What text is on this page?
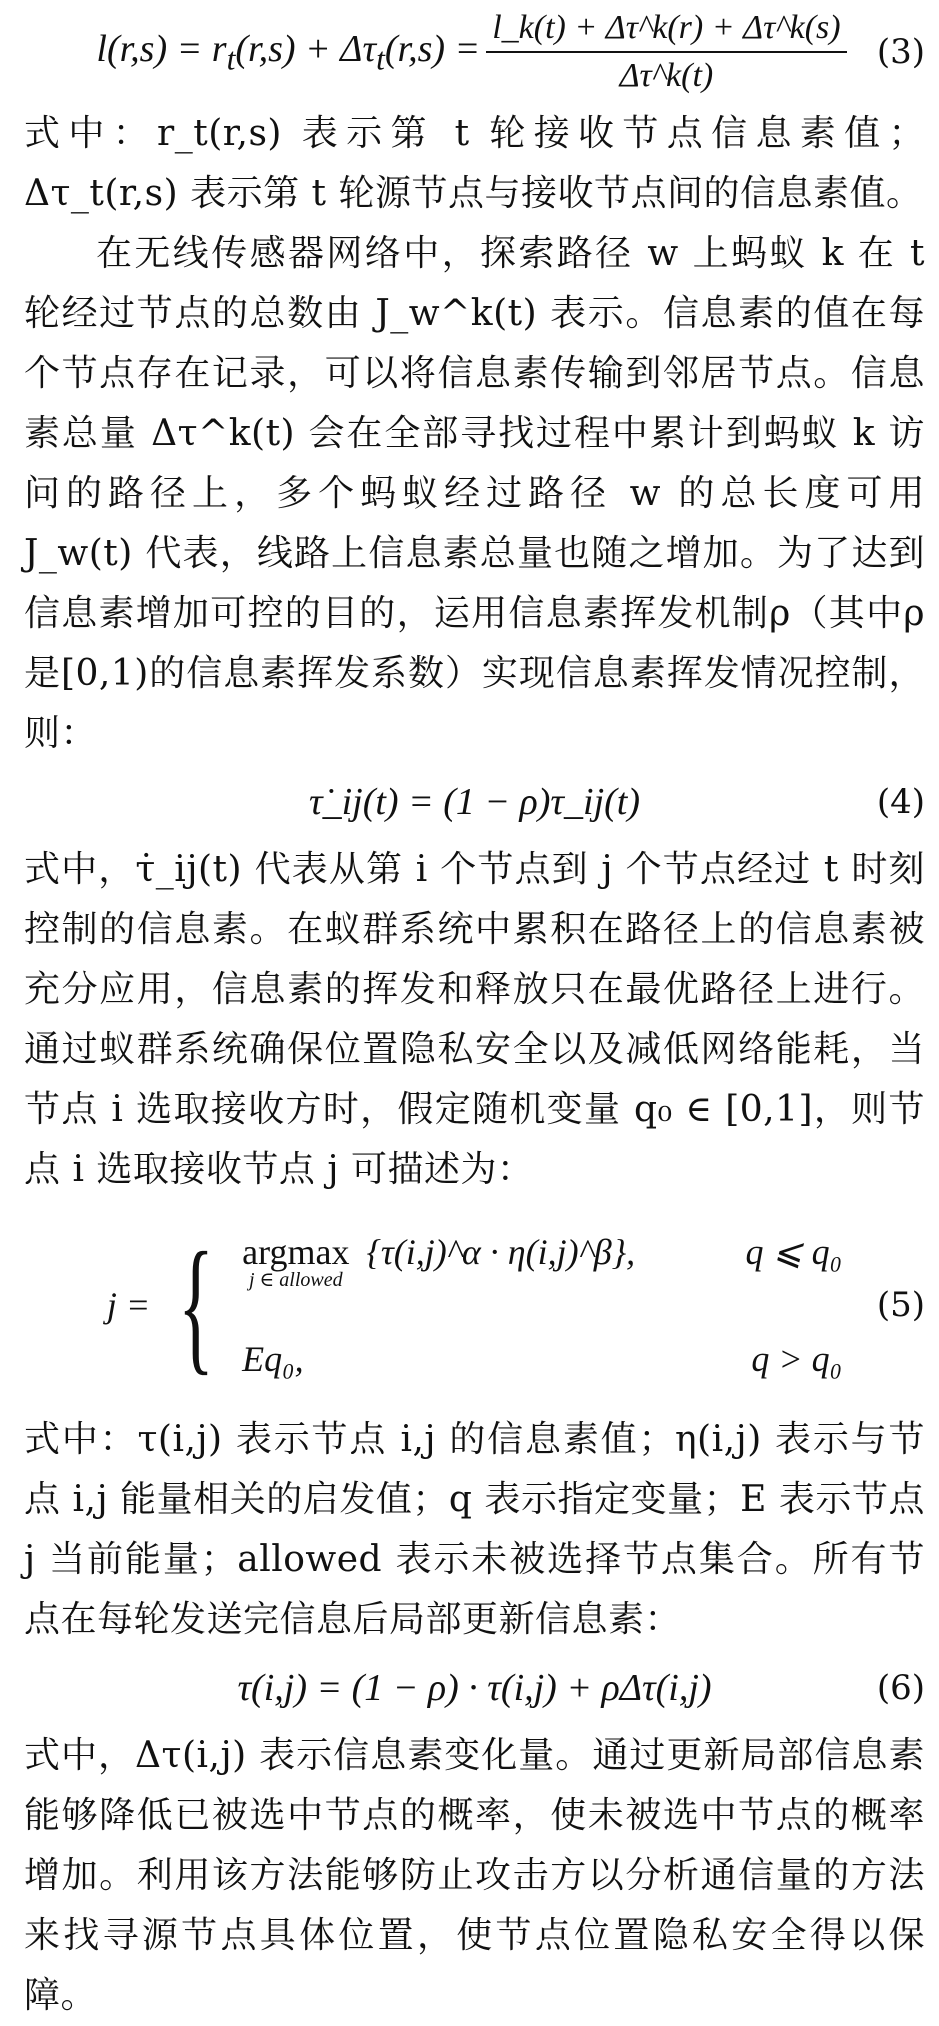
$l(r,s) = r_t(r,s) + \Delta\tau_t(r,s) = \frac{l\_k(t) + \Delta\tau\^{}k(r) + \Delta\tau\^{}k(s)}{\Delta\tau\^{}k(t)} (3)$

式中：r_t(r,s) 表示第 t 轮接收节点信息素值；Δτ_t(r,s) 表示第 t 轮源节点与接收节点间的信息素值。

在无线传感器网络中，探索路径 w 上蚂蚁 k 在 t 轮经过节点的总数由 J_w^k(t) 表示。信息素的值在每个节点存在记录，可以将信息素传输到邻居节点。信息素总量 Δτ^k(t) 会在全部寻找过程中累计到蚂蚁 k 访问的路径上，多个蚂蚁经过路径 w 的总长度可用 J_w(t) 代表，线路上信息素总量也随之增加。为了达到信息素增加可控的目的，运用信息素挥发机制ρ（其中ρ是[0,1)的信息素挥发系数）实现信息素挥发情况控制，则：

τ̇_ij(t) = (1 − ρ)τ_ij(t)	(4)

式中，τ̇_ij(t) 代表从第 i 个节点到 j 个节点经过 t 时刻控制的信息素。在蚁群系统中累积在路径上的信息素被充分应用，信息素的挥发和释放只在最优路径上进行。通过蚁群系统确保位置隐私安全以及减低网络能耗，当节点 i 选取接收方时，假定随机变量 q₀ ∈ [0,1]，则节点 i 选取接收节点 j 可描述为：

j = { argmax
j ∈ allowed
{τ(i,j)^α · η(i,j)^β},	q ⩽ q₀
Eq₀,	q > q₀
(5)

式中：τ(i,j) 表示节点 i,j 的信息素值；η(i,j) 表示与节点 i,j 能量相关的启发值；q 表示指定变量；E 表示节点 j 当前能量；allowed 表示未被选择节点集合。所有节点在每轮发送完信息后局部更新信息素：

τ(i,j) = (1 − ρ) · τ(i,j) + ρΔτ(i,j)	(6)

式中，Δτ(i,j) 表示信息素变化量。通过更新局部信息素能够降低已被选中节点的概率，使未被选中节点的概率增加。利用该方法能够防止攻击方以分析通信量的方法来找寻源节点具体位置，使节点位置隐私安全得以保障。
